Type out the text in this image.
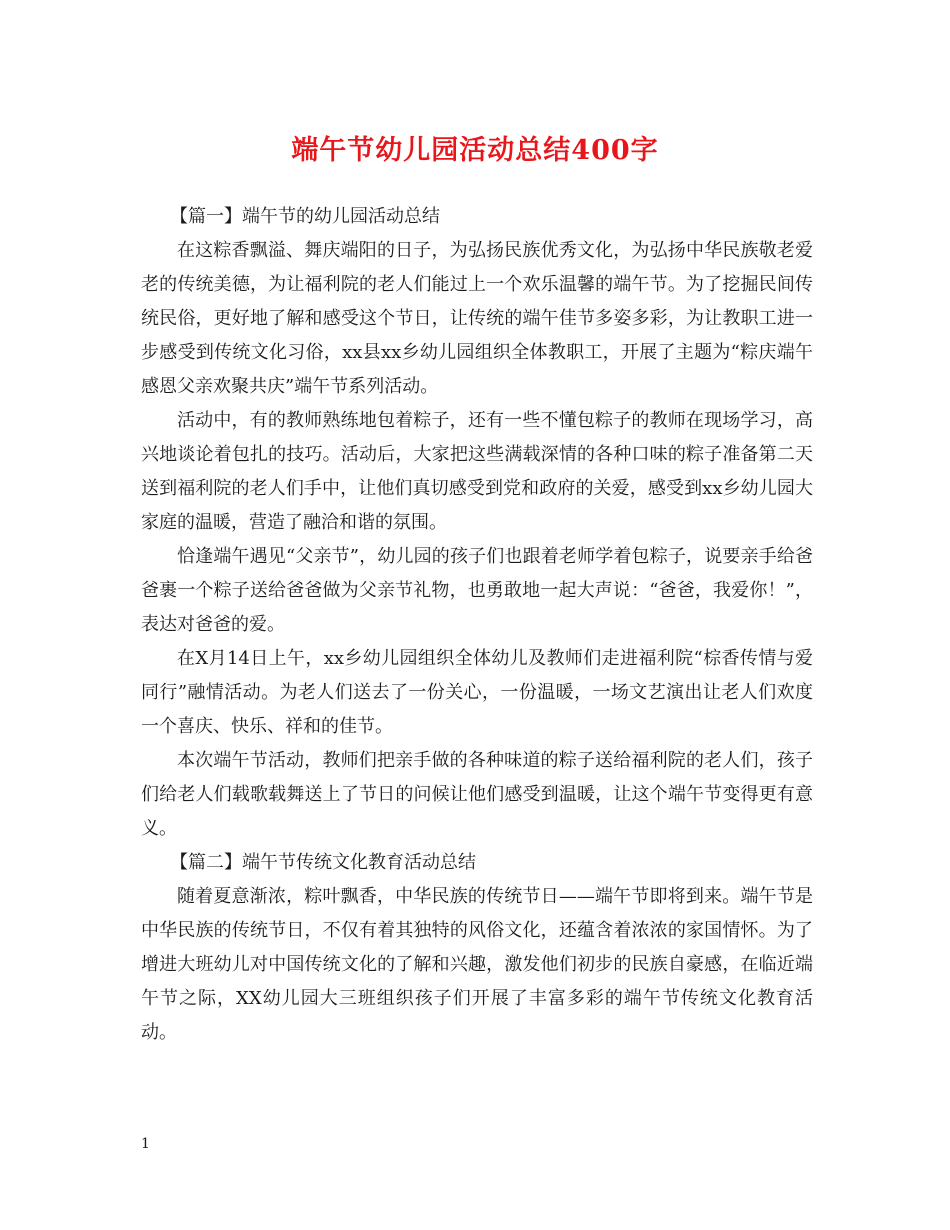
端午节幼儿园活动总结400字

【篇一】端午节的幼儿园活动总结

在这粽香飘溢、舞庆端阳的日子，为弘扬民族优秀文化，为弘扬中华民族敬老爱老的传统美德，为让福利院的老人们能过上一个欢乐温馨的端午节。为了挖掘民间传统民俗，更好地了解和感受这个节日，让传统的端午佳节多姿多彩，为让教职工进一步感受到传统文化习俗，xx县xx乡幼儿园组织全体教职工，开展了主题为“粽庆端午感恩父亲欢聚共庆”端午节系列活动。

活动中，有的教师熟练地包着粽子，还有一些不懂包粽子的教师在现场学习，高兴地谈论着包扎的技巧。活动后，大家把这些满载深情的各种口味的粽子准备第二天送到福利院的老人们手中，让他们真切感受到党和政府的关爱，感受到xx乡幼儿园大家庭的温暖，营造了融洽和谐的氛围。

恰逢端午遇见“父亲节”，幼儿园的孩子们也跟着老师学着包粽子，说要亲手给爸爸裹一个粽子送给爸爸做为父亲节礼物，也勇敢地一起大声说：“爸爸，我爱你！”，表达对爸爸的爱。

在X月14日上午，xx乡幼儿园组织全体幼儿及教师们走进福利院“棕香传情与爱同行”融情活动。为老人们送去了一份关心，一份温暖，一场文艺演出让老人们欢度一个喜庆、快乐、祥和的佳节。

本次端午节活动，教师们把亲手做的各种味道的粽子送给福利院的老人们，孩子们给老人们载歌载舞送上了节日的问候让他们感受到温暖，让这个端午节变得更有意义。

【篇二】端午节传统文化教育活动总结

随着夏意渐浓，粽叶飘香，中华民族的传统节日——端午节即将到来。端午节是中华民族的传统节日，不仅有着其独特的风俗文化，还蕴含着浓浓的家国情怀。为了增进大班幼儿对中国传统文化的了解和兴趣，激发他们初步的民族自豪感，在临近端午节之际，XX幼儿园大三班组织孩子们开展了丰富多彩的端午节传统文化教育活动。

1
